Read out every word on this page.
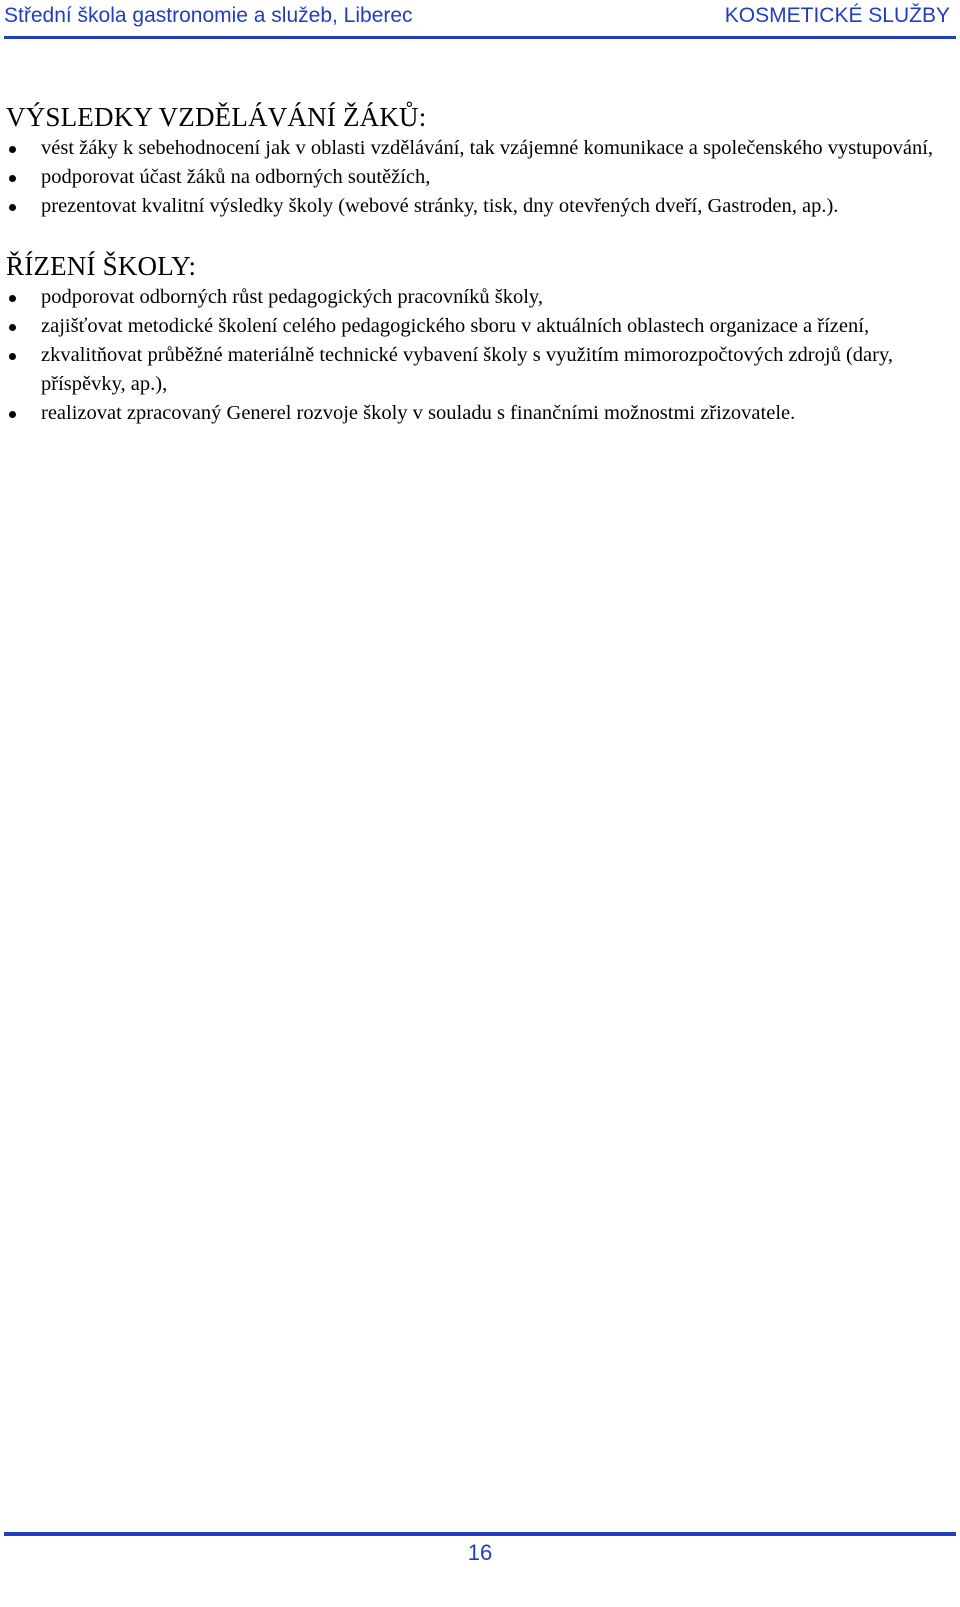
Střední škola gastronomie a služeb, Liberec	KOSMETICKÉ SLUŽBY
VÝSLEDKY VZDĚLÁVÁNÍ ŽÁKŮ:
vést žáky k sebehodnocení jak v oblasti vzdělávání, tak vzájemné komunikace a společenského vystupování,
podporovat účast žáků na odborných soutěžích,
prezentovat kvalitní výsledky školy (webové stránky, tisk, dny otevřených dveří, Gastroden, ap.).
ŘÍZENÍ ŠKOLY:
podporovat odborných růst pedagogických pracovníků školy,
zajišťovat metodické školení celého pedagogického sboru v aktuálních oblastech organizace a řízení,
zkvalitňovat průběžné materiálně technické vybavení školy s využitím mimorozpočtových zdrojů (dary, příspěvky, ap.),
realizovat zpracovaný Generel rozvoje školy v souladu s finančními možnostmi zřizovatele.
16
